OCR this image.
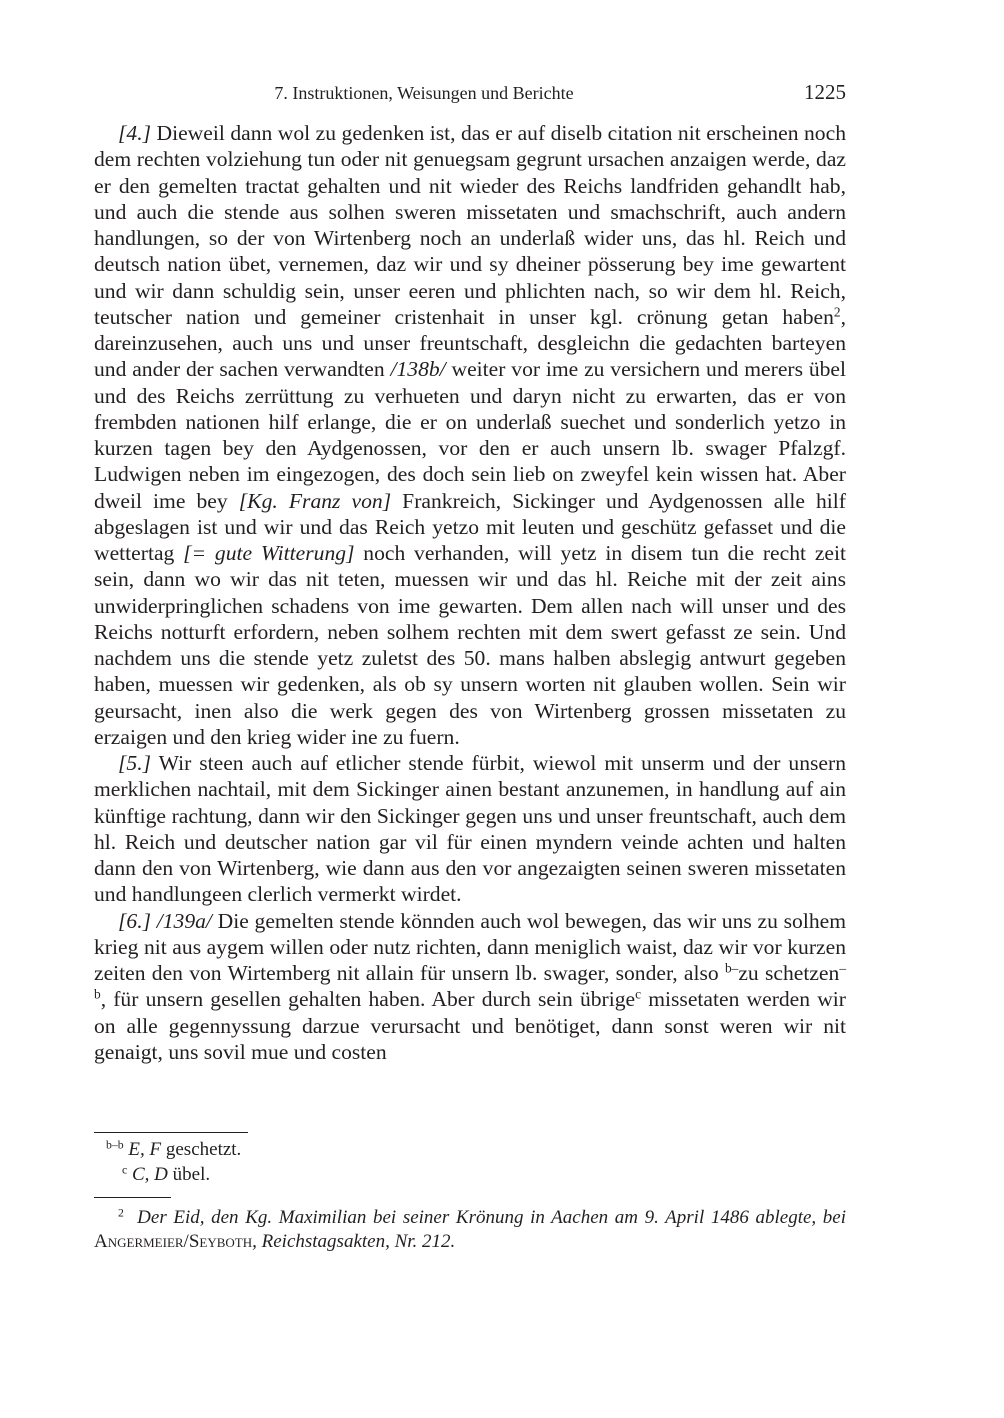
7. Instruktionen, Weisungen und Berichte	1225

[4.] Dieweil dann wol zu gedenken ist, das er auf diselb citation nit erscheinen noch dem rechten volziehung tun oder nit genuegsam gegrunt ursachen anzaigen werde, daz er den gemelten tractat gehalten und nit wieder des Reichs landfriden gehandlt hab, und auch die stende aus solhen sweren missetaten und smachschrift, auch andern handlungen, so der von Wirtenberg noch an underlaß wider uns, das hl. Reich und deutsch nation übet, vernemen, daz wir und sy dheiner pösserung bey ime gewartent und wir dann schuldig sein, unser eeren und phlichten nach, so wir dem hl. Reich, teutscher nation und gemeiner cristenhait in unser kgl. crönung getan haben$^2$, dareinzusehen, auch uns und unser freuntschaft, desgleichn die gedachten barteyen und ander der sachen verwandten /138b/ weiter vor ime zu versichern und merers übel und des Reichs zerrüttung zu verhueten und daryn nicht zu erwarten, das er von frembden nationen hilf erlange, die er on underlaß suechet und sonderlich yetzo in kurzen tagen bey den Aydgenossen, vor den er auch unsern lb. swager Pfalzgf. Ludwigen neben im eingezogen, des doch sein lieb on zweyfel kein wissen hat. Aber dweil ime bey [Kg. Franz von] Frankreich, Sickinger und Aydgenossen alle hilf abgeslagen ist und wir und das Reich yetzo mit leuten und geschütz gefasset und die wettertag [= gute Witterung] noch verhanden, will yetz in disem tun die recht zeit sein, dann wo wir das nit teten, muessen wir und das hl. Reiche mit der zeit ains unwiderpringlichen schadens von ime gewarten. Dem allen nach will unser und des Reichs notturft erfordern, neben solhem rechten mit dem swert gefasst ze sein. Und nachdem uns die stende yetz zuletst des 50. mans halben abslegig antwurt gegeben haben, muessen wir gedenken, als ob sy unsern worten nit glauben wollen. Sein wir geursacht, inen also die werk gegen des von Wirtenberg grossen missetaten zu erzaigen und den krieg wider ine zu fuern.

[5.] Wir steen auch auf etlicher stende fürbit, wiewol mit unserm und der unsern merklichen nachtail, mit dem Sickinger ainen bestant anzunemen, in handlung auf ain künftige rachtung, dann wir den Sickinger gegen uns und unser freuntschaft, auch dem hl. Reich und deutscher nation gar vil für einen myndern veinde achten und halten dann den von Wirtenberg, wie dann aus den vor angezaigten seinen sweren missetaten und handlungeen clerlich vermerkt wirdet.

[6.] /139a/ Die gemelten stende könnden auch wol bewegen, das wir uns zu solhem krieg nit aus aygem willen oder nutz richten, dann meniglich waist, daz wir vor kurzen zeiten den von Wirtemberg nit allain für unsern lb. swager, sonder, also $^{b-}$zu schetzen$^{-b}$, für unsern gesellen gehalten haben. Aber durch sein übrige$^c$ missetaten werden wir on alle gegennyssung darzue verursacht und benötiget, dann sonst weren wir nit genaigt, uns sovil mue und costen

$^{b-b}$ E, F geschetzt.

$^c$ C, D übel.

$^2$ Der Eid, den Kg. Maximilian bei seiner Krönung in Aachen am 9. April 1486 ablegte, bei Angermeier/Seyboth, Reichstagsakten, Nr. 212.
